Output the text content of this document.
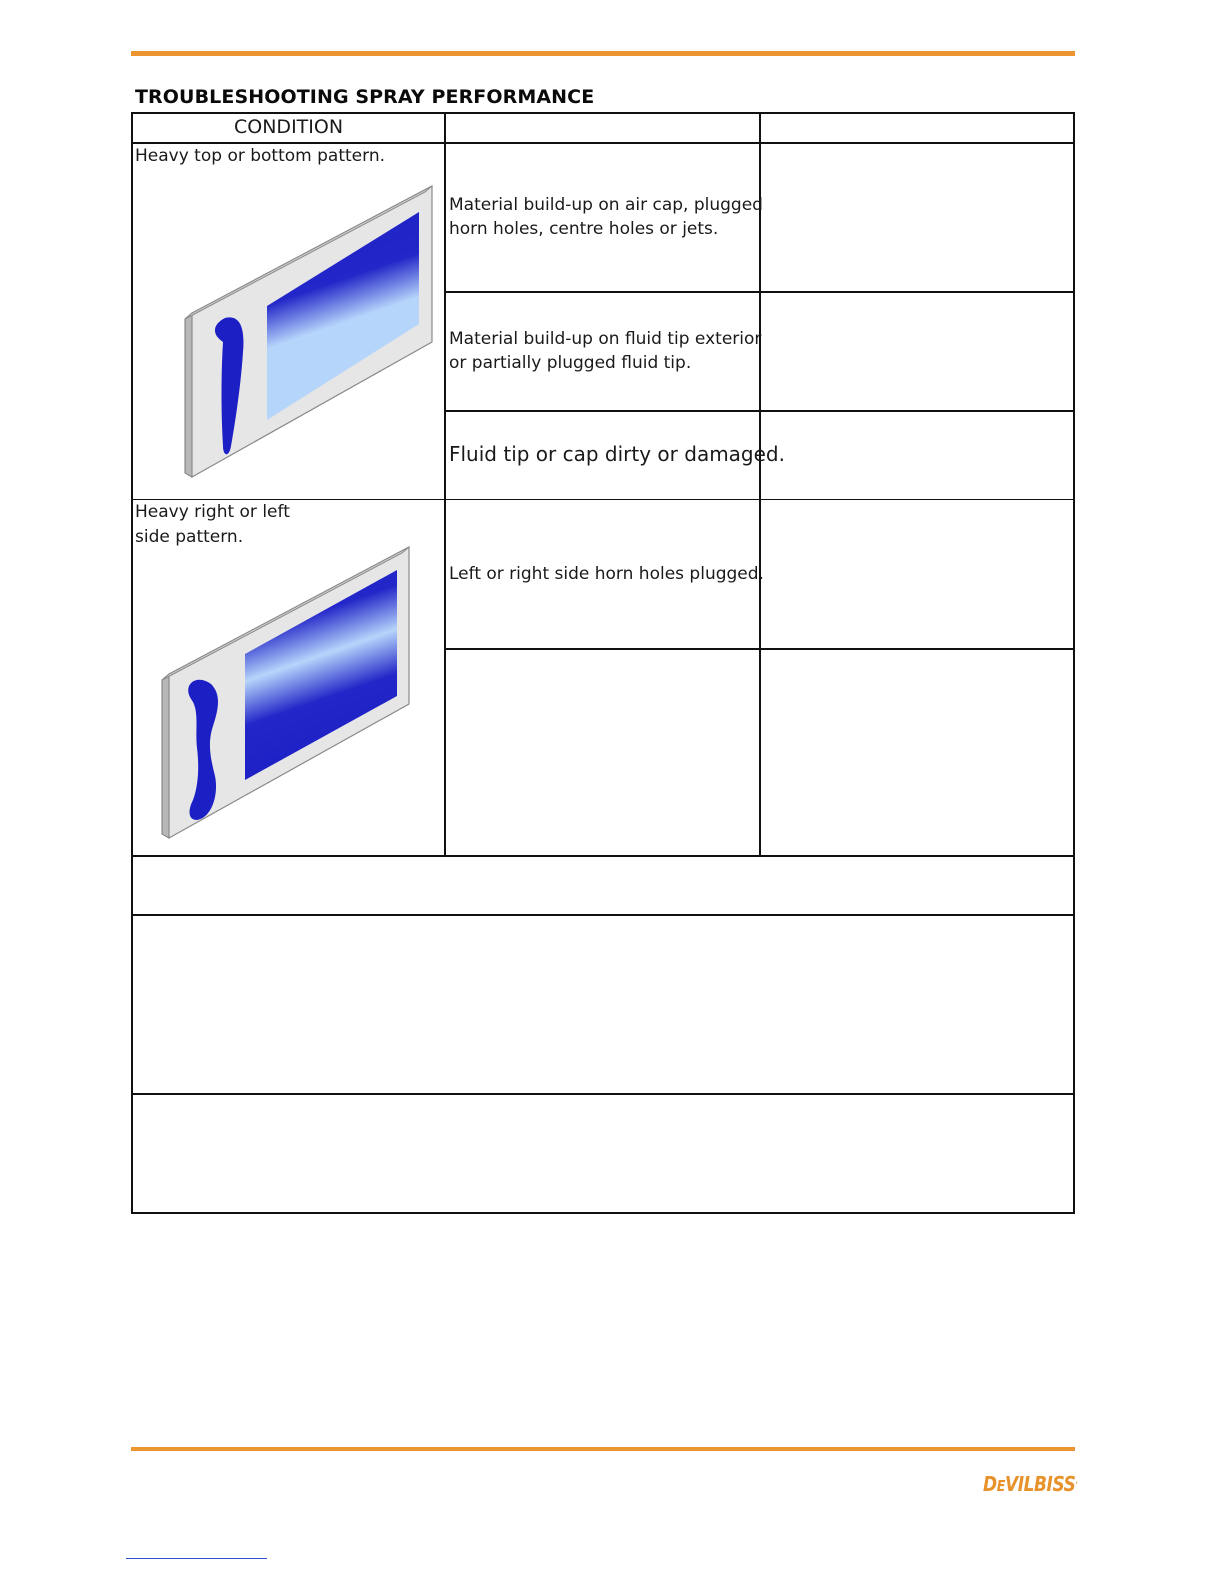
TROUBLESHOOTING SPRAY PERFORMANCE
CONDITION
Heavy top or bottom pattern.
Material build-up on air cap, plugged
horn holes, centre holes or jets.
Material build-up on fluid tip exterior
or partially plugged fluid tip.
Fluid tip or cap dirty or damaged.
Heavy right or left
side pattern.
Left or right side horn holes plugged.
DEVILBISS.
